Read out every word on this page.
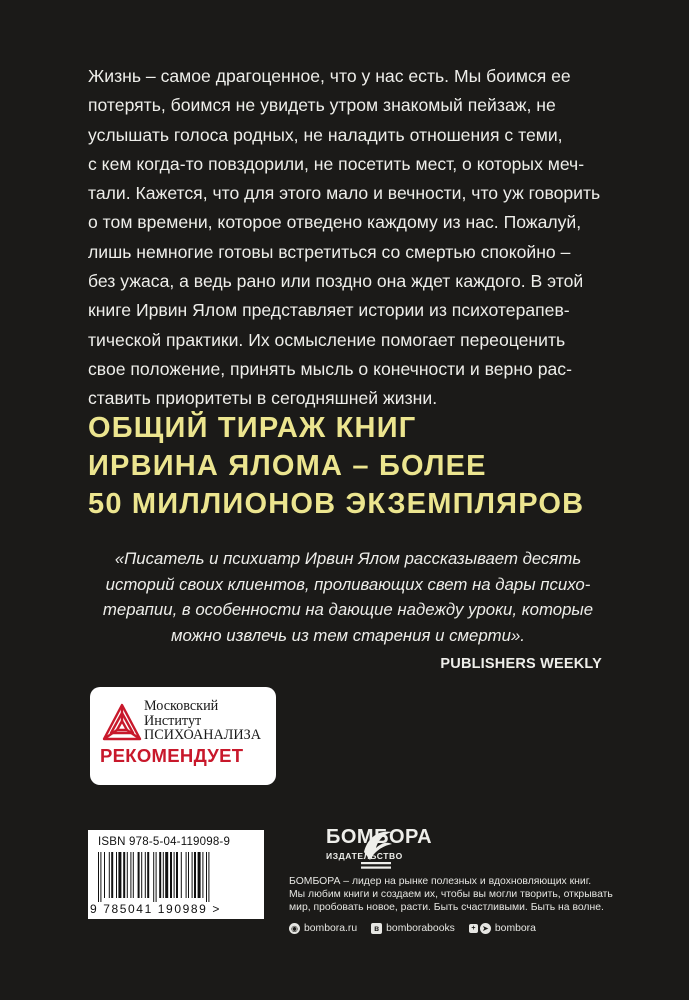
Жизнь – самое драгоценное, что у нас есть. Мы боимся ее
потерять, боимся не увидеть утром знакомый пейзаж, не
услышать голоса родных, не наладить отношения с теми,
с кем когда-то повздорили, не посетить мест, о которых меч-
тали. Кажется, что для этого мало и вечности, что уж говорить
о том времени, которое отведено каждому из нас. Пожалуй,
лишь немногие готовы встретиться со смертью спокойно –
без ужаса, а ведь рано или поздно она ждет каждого. В этой
книге Ирвин Ялом представляет истории из психотерапев-
тической практики. Их осмысление помогает переоценить
свое положение, принять мысль о конечности и верно рас-
ставить приоритеты в сегодняшней жизни.
ОБЩИЙ ТИРАЖ КНИГ
ИРВИНА ЯЛОМА – БОЛЕЕ
50 МИЛЛИОНОВ ЭКЗЕМПЛЯРОВ
«Писатель и психиатр Ирвин Ялом рассказывает десять
историй своих клиентов, проливающих свет на дары психо-
терапии, в особенности на дающие надежду уроки, которые
можно извлечь из тем старения и смерти».
PUBLISHERS WEEKLY
Московский
Институт
ПСИХОАНАЛИЗА
РЕКОМЕНДУЕТ
ISBN 978-5-04-119098-9
9 785041 190989 >
БОМБОРА
ИЗДАТЕЛЬСТВО
БОМБОРА – лидер на рынке полезных и вдохновляющих книг.
Мы любим книги и создаем их, чтобы вы могли творить, открывать
мир, пробовать новое, расти. Быть счастливыми. Быть на волне.
◉ bombora.ru	в bomborabooks	+ ➤ bombora
